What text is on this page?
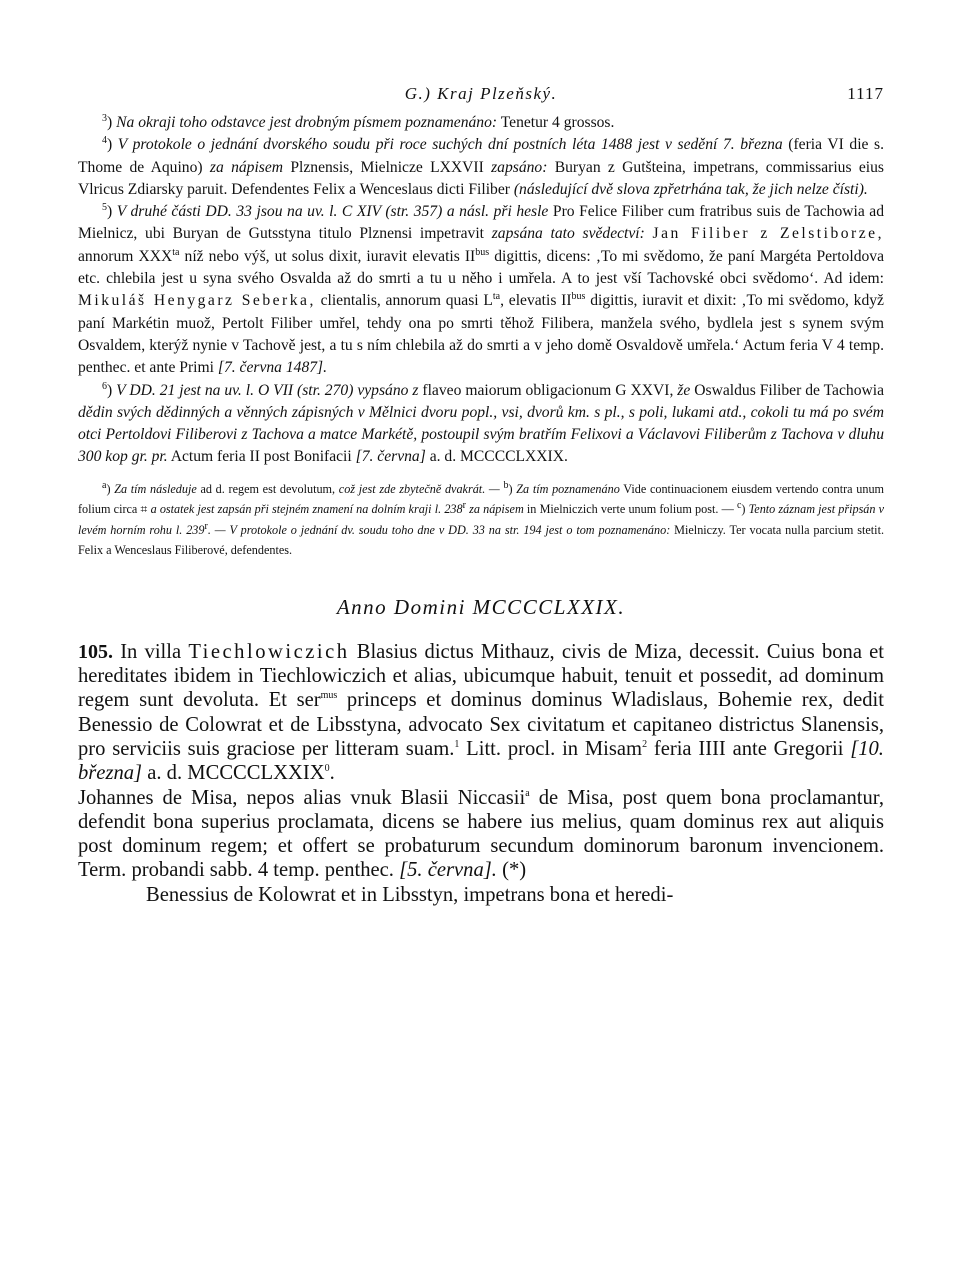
G.) Kraj Plzeňský.	1117

$^3$) Na okraji toho odstavce jest drobným písmem poznamenáno: Tenetur 4 grossos.

$^4$) V protokole o jednání dvorského soudu při roce suchých dní postních léta 1488 jest v sedění 7. března (feria VI die s. Thome de Aquino) za nápisem Plznensis, Mielnicze LXXVII zapsáno: Buryan z Gutšteina, impetrans, commissarius eius Vlricus Zdiarsky paruit. Defendentes Felix a Wenceslaus dicti Filiber (následující dvě slova zpřetrhána tak, že jich nelze čísti).

$^5$) V druhé části DD. 33 jsou na uv. l. C XIV (str. 357) a násl. při hesle Pro Felice Filiber cum fratribus suis de Tachowia ad Mielnicz, ubi Buryan de Gutsstyna titulo Plznensi impetravit zapsána tato svědectví: Jan Filiber z Zelstiborze, annorum $XXX^{ta}$ níž nebo výš, ut solus dixit, iuravit elevatis $II^{bus}$ digittis, dicens: ‚To mi svědomo, že paní Margéta Pertoldova etc. chlebila jest u syna svého Osvalda až do smrti a tu u něho i umřela. A to jest vší Tachovské obci svědomo‘. Ad idem: Mikuláš Henygarz Seberka, clientalis, annorum quasi $L^{ta}$, elevatis $II^{bus}$ digittis, iuravit et dixit: ‚To mi svědomo, když paní Markétin muož, Pertolt Filiber umřel, tehdy ona po smrti těhož Filibera, manžela svého, bydlela jest s synem svým Osvaldem, kterýž nynie v Tachově jest, a tu s ním chlebila až do smrti a v jeho domě Osvaldově umřela.‘ Actum feria V 4 temp. penthec. et ante Primi [7. června 1487].

$^6$) V DD. 21 jest na uv. l. O VII (str. 270) vypsáno z flaveo maiorum obligacionum G XXVI, že Oswaldus Filiber de Tachowia dědin svých dědinných a věnných zápisných v Mělnici dvoru popl., vsi, dvorů km. s pl., s poli, lukami atd., cokoli tu má po svém otci Pertoldovi Filiberovi z Tachova a matce Markétě, postoupil svým bratřím Felixovi a Václavovi Filiberům z Tachova v dluhu 300 kop gr. pr. Actum feria II post Bonifacii [7. června] a. d. MCCCCLXXIX.

$^a$) Za tím následuje ad d. regem est devolutum, což jest zde zbytečně dvakrát. — $^b$) Za tím poznamenáno Vide continuacionem eiusdem vertendo contra unum folium circa ⌗ a ostatek jest zapsán při stejném znamení na dolním kraji l. 238$^r$ za nápisem in Mielniczich verte unum folium post. — $^c$) Tento záznam jest připsán v levém horním rohu l. 239$^r$. — V protokole o jednání dv. soudu toho dne v DD. 33 na str. 194 jest o tom poznamenáno: Mielniczy. Ter vocata nulla parcium stetit. Felix a Wenceslaus Filiberové, defendentes.

Anno Domini MCCCCLXXIX.

105. In villa Tiechlowiczich Blasius dictus Mithauz, civis de Miza, decessit. Cuius bona et hereditates ibidem in Tiechlowiczich et alias, ubicumque habuit, tenuit et possedit, ad dominum regem sunt devoluta. Et ser$^{mus}$ princeps et dominus dominus Wladislaus, Bohemie rex, dedit Benessio de Colowrat et de Libsstyna, advocato Sex civitatum et capitaneo districtus Slanensis, pro serviciis suis graciose per litteram suam.$^1$ Litt. procl. in Misam$^2$ feria IIII ante Gregorii [10. března] a. d. MCCCCLXXIX$^0$.

Johannes de Misa, nepos alias vnuk Blasii Niccasii$^a$ de Misa, post quem bona proclamantur, defendit bona superius proclamata, dicens se habere ius melius, quam dominus rex aut aliquis post dominum regem; et offert se probaturum secundum dominorum baronum invencionem. Term. probandi sabb. 4 temp. penthec. [5. června]. (*)

Benessius de Kolowrat et in Libsstyn, impetrans bona et heredi-
